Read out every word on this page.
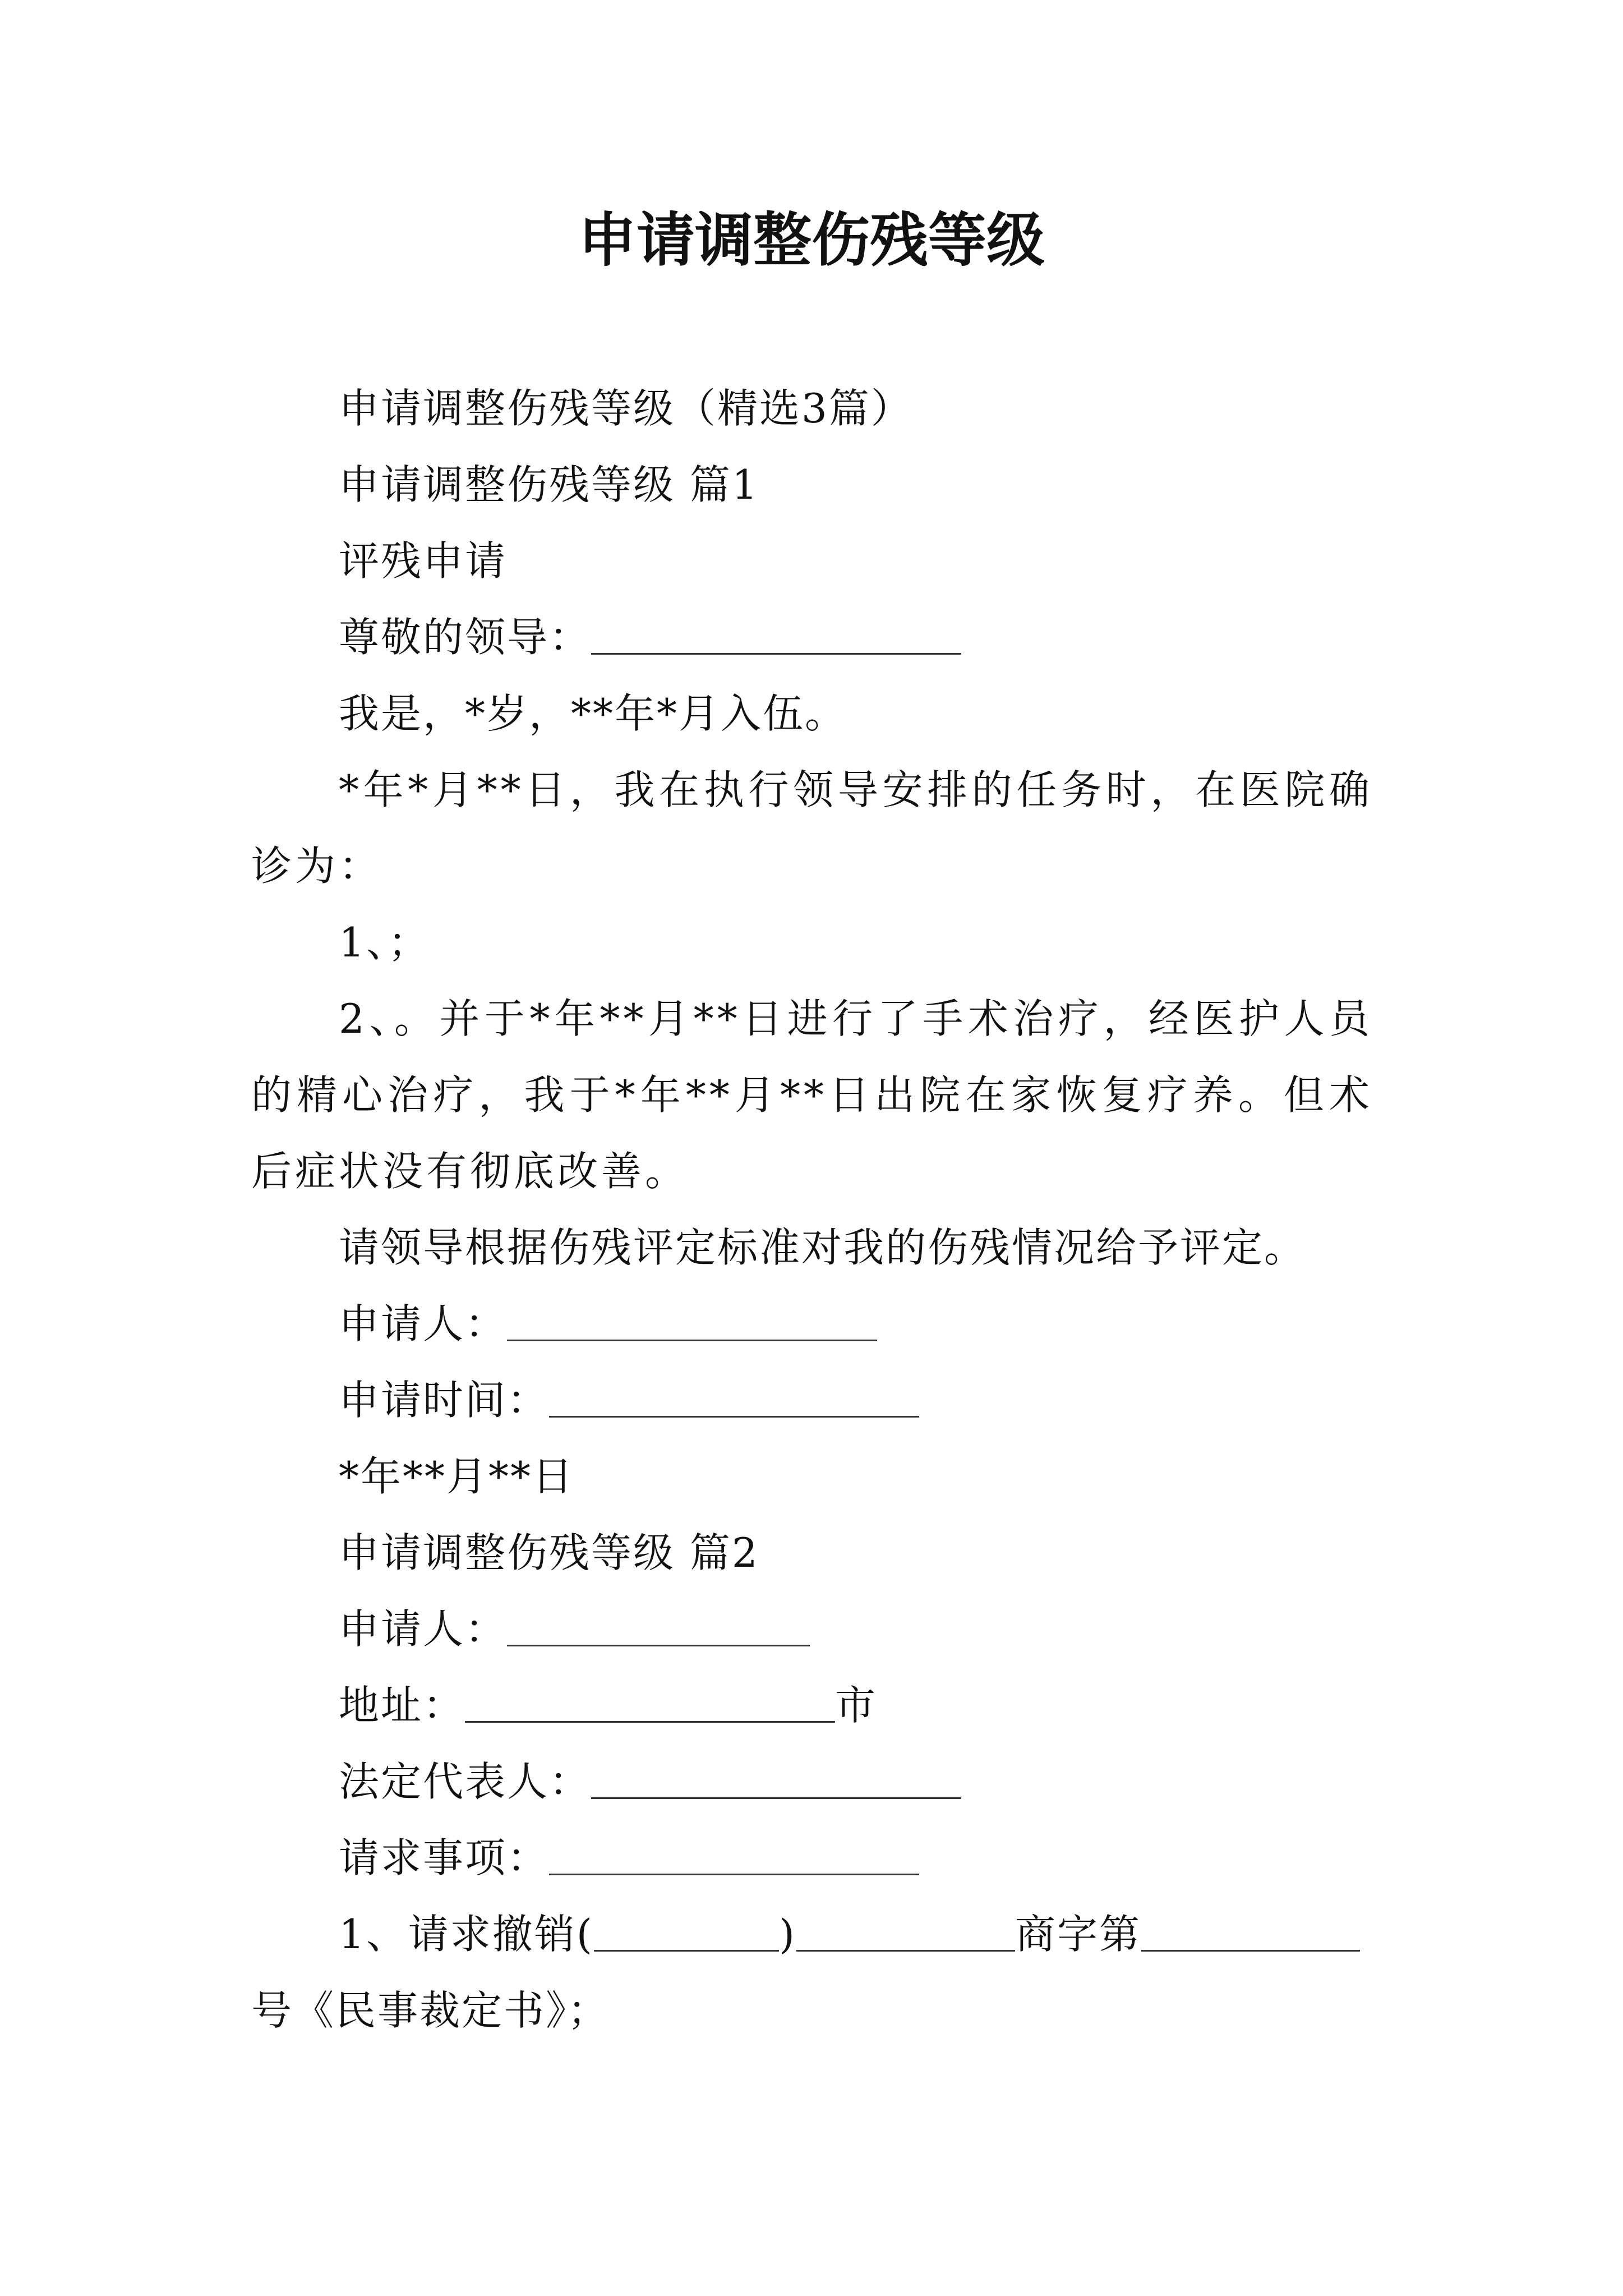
申请调整伤残等级
申请调整伤残等级（精选3篇）
申请调整伤残等级 篇1
评残申请
尊敬的领导：
我是，*岁，**年*月入伍。
*年*月**日，我在执行领导安排的任务时，在医院确诊为：
1、；
2、。并于*年**月**日进行了手术治疗，经医护人员的精心治疗，我于*年**月**日出院在家恢复疗养。但术后症状没有彻底改善。
请领导根据伤残评定标准对我的伤残情况给予评定。
申请人：
申请时间：
*年**月**日
申请调整伤残等级 篇2
申请人：
地址：	市
法定代表人：
请求事项：
1、请求撤销(	)	商字第
号《民事裁定书》；
